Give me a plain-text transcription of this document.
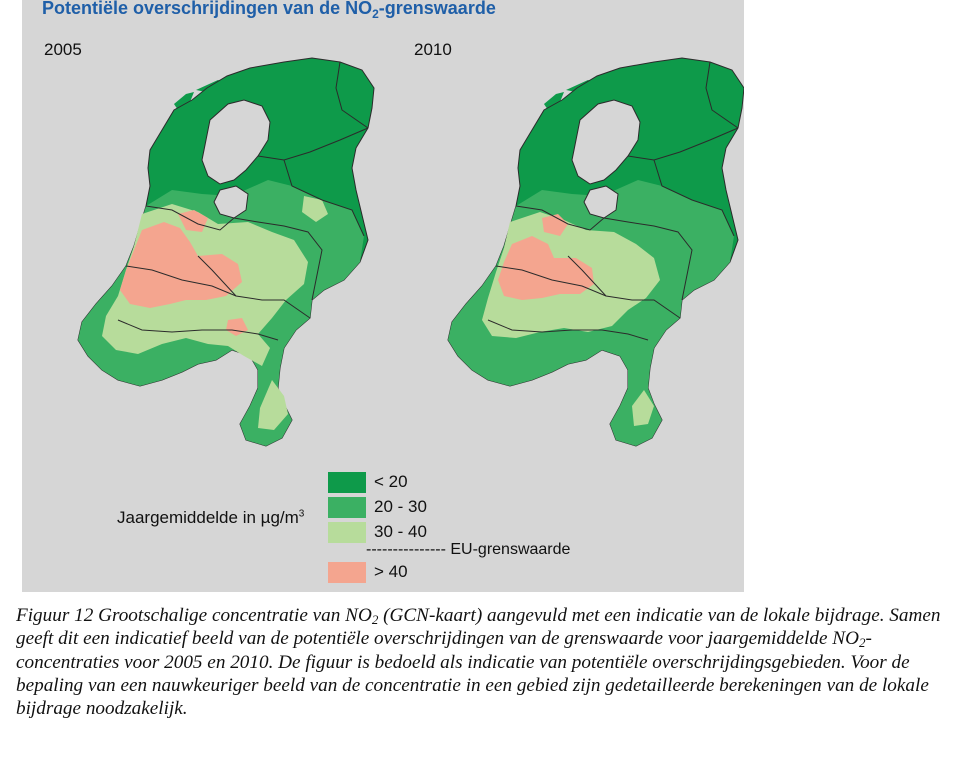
Potentiële overschrijdingen van de $NO_2$-grenswaarde
2005	2010
Jaargemiddelde in $\mu g/m^3$
< 20
20 - 30
30 - 40
--------------- EU-grenswaarde
> 40
Figuur 12 Grootschalige concentratie van $NO_2$ (GCN-kaart) aangevuld met een indicatie van de lokale bijdrage. Samen geeft dit een indicatief beeld van de potentiële overschrijdingen van de grenswaarde voor jaargemiddelde $NO_2$-concentraties voor 2005 en 2010. De figuur is bedoeld als indicatie van potentiële overschrijdingsgebieden. Voor de bepaling van een nauwkeuriger beeld van de concentratie in een gebied zijn gedetailleerde berekeningen van de lokale bijdrage noodzakelijk.
